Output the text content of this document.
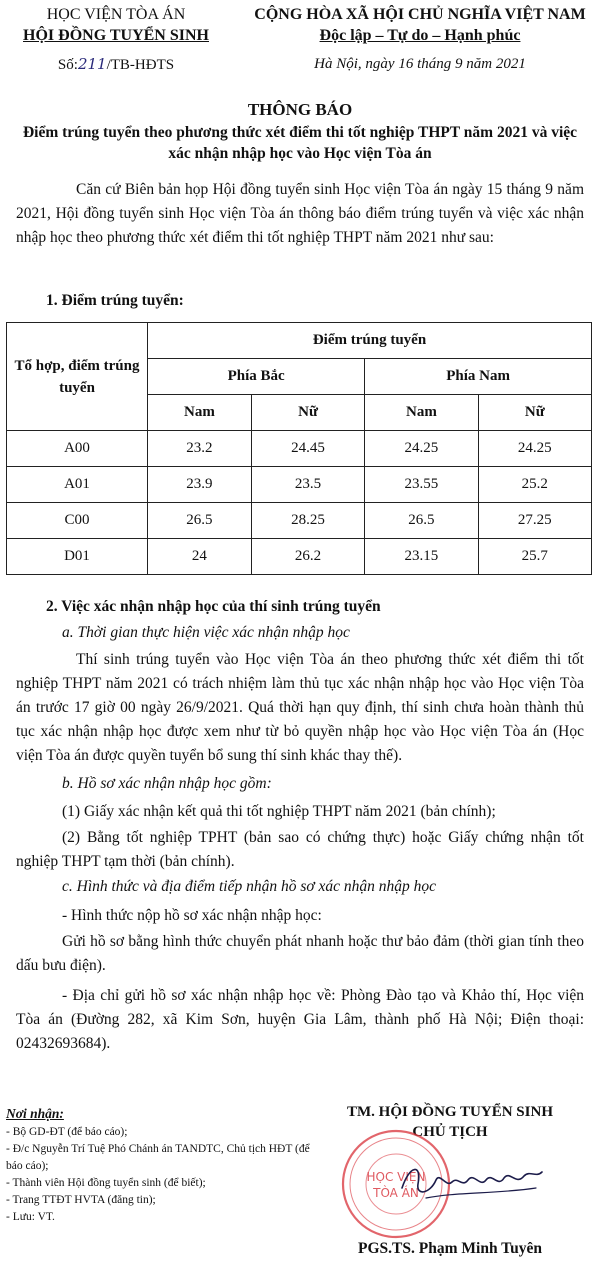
HỌC VIỆN TÒA ÁN
HỘI ĐỒNG TUYỂN SINH
Số:211/TB-HĐTS
CỘNG HÒA XÃ HỘI CHỦ NGHĨA VIỆT NAM
Độc lập – Tự do – Hạnh phúc
Hà Nội, ngày 16 tháng 9 năm 2021
THÔNG BÁO
Điểm trúng tuyển theo phương thức xét điểm thi tốt nghiệp THPT năm 2021 và việc xác nhận nhập học vào Học viện Tòa án
Căn cứ Biên bản họp Hội đồng tuyển sinh Học viện Tòa án ngày 15 tháng 9 năm 2021, Hội đồng tuyển sinh Học viện Tòa án thông báo điểm trúng tuyển và việc xác nhận nhập học theo phương thức xét điểm thi tốt nghiệp THPT năm 2021 như sau:
1. Điểm trúng tuyển:
Tổ hợp, điểm trúng tuyển	Điểm trúng tuyển			
	Phía Bắc		Phía Nam	
	Nam	Nữ	Nam	Nữ
A00	23.2	24.45	24.25	24.25
A01	23.9	23.5	23.55	25.2
C00	26.5	28.25	26.5	27.25
D01	24	26.2	23.15	25.7
2. Việc xác nhận nhập học của thí sinh trúng tuyển
a. Thời gian thực hiện việc xác nhận nhập học
Thí sinh trúng tuyển vào Học viện Tòa án theo phương thức xét điểm thi tốt nghiệp THPT năm 2021 có trách nhiệm làm thủ tục xác nhận nhập học vào Học viện Tòa án trước 17 giờ 00 ngày 26/9/2021. Quá thời hạn quy định, thí sinh chưa hoàn thành thủ tục xác nhận nhập học được xem như từ bỏ quyền nhập học vào Học viện Tòa án (Học viện Tòa án được quyền tuyển bổ sung thí sinh khác thay thế).
b. Hồ sơ xác nhận nhập học gồm:
(1) Giấy xác nhận kết quả thi tốt nghiệp THPT năm 2021 (bản chính);
(2) Bằng tốt nghiệp TPHT (bản sao có chứng thực) hoặc Giấy chứng nhận tốt nghiệp THPT tạm thời (bản chính).
c. Hình thức và địa điểm tiếp nhận hồ sơ xác nhận nhập học
- Hình thức nộp hồ sơ xác nhận nhập học:
Gửi hồ sơ bằng hình thức chuyển phát nhanh hoặc thư bảo đảm (thời gian tính theo dấu bưu điện).
- Địa chỉ gửi hồ sơ xác nhận nhập học về: Phòng Đào tạo và Khảo thí, Học viện Tòa án (Đường 282, xã Kim Sơn, huyện Gia Lâm, thành phố Hà Nội; Điện thoại: 02432693684).
Nơi nhận:
- Bộ GD-ĐT (để báo cáo);
- Đ/c Nguyễn Trí Tuệ Phó Chánh án TANDTC, Chủ tịch HĐT (để báo cáo);
- Thành viên Hội đồng tuyển sinh (để biết);
- Trang TTĐT HVTA (đăng tin);
- Lưu: VT.
TM. HỘI ĐỒNG TUYỂN SINH
CHỦ TỊCH
PGS.TS. Phạm Minh Tuyên
HỌC VIỆN
TÒA ÁN
